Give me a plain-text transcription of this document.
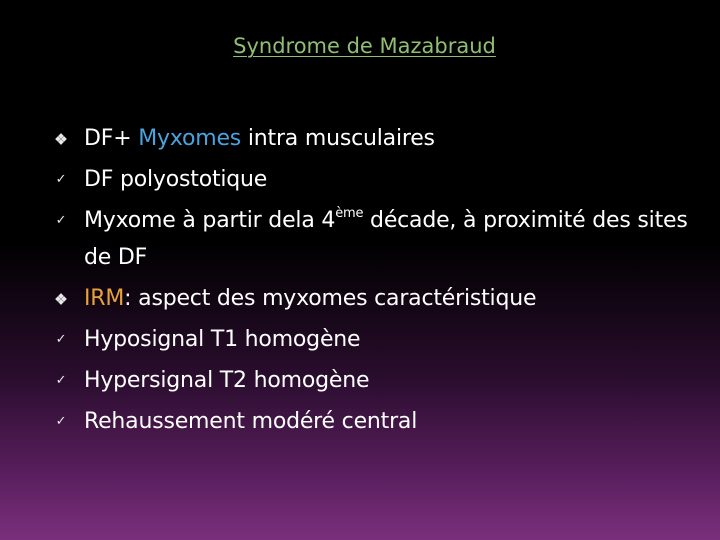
Syndrome de Mazabraud
DF+ Myxomes intra musculaires
✓ DF polyostotique
✓ Myxome à partir dela 4ème décade, à proximité des sites de DF
IRM: aspect des myxomes caractéristique
✓ Hyposignal T1 homogène
✓ Hypersignal T2 homogène
✓ Rehaussement modéré central
